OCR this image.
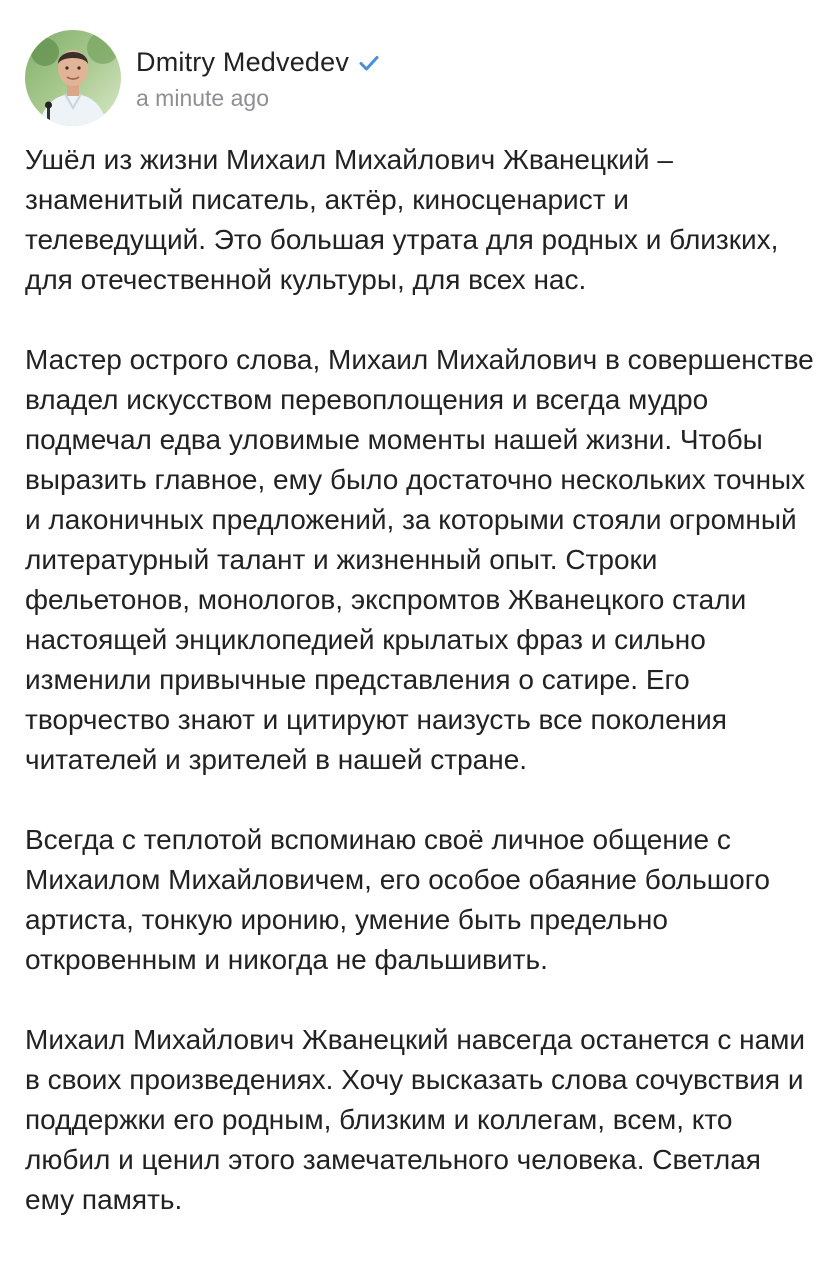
Dmitry Medvedev
a minute ago

Ушёл из жизни Михаил Михайлович Жванецкий – знаменитый писатель, актёр, киносценарист и телеведущий. Это большая утрата для родных и близких, для отечественной культуры, для всех нас.

Мастер острого слова, Михаил Михайлович в совершенстве владел искусством перевоплощения и всегда мудро подмечал едва уловимые моменты нашей жизни. Чтобы выразить главное, ему было достаточно нескольких точных и лаконичных предложений, за которыми стояли огромный литературный талант и жизненный опыт. Строки фельетонов, монологов, экспромтов Жванецкого стали настоящей энциклопедией крылатых фраз и сильно изменили привычные представления о сатире. Его творчество знают и цитируют наизусть все поколения читателей и зрителей в нашей стране.

Всегда с теплотой вспоминаю своё личное общение с Михаилом Михайловичем, его особое обаяние большого артиста, тонкую иронию, умение быть предельно откровенным и никогда не фальшивить.

Михаил Михайлович Жванецкий навсегда останется с нами в своих произведениях. Хочу высказать слова сочувствия и поддержки его родным, близким и коллегам, всем, кто любил и ценил этого замечательного человека. Светлая ему память.
